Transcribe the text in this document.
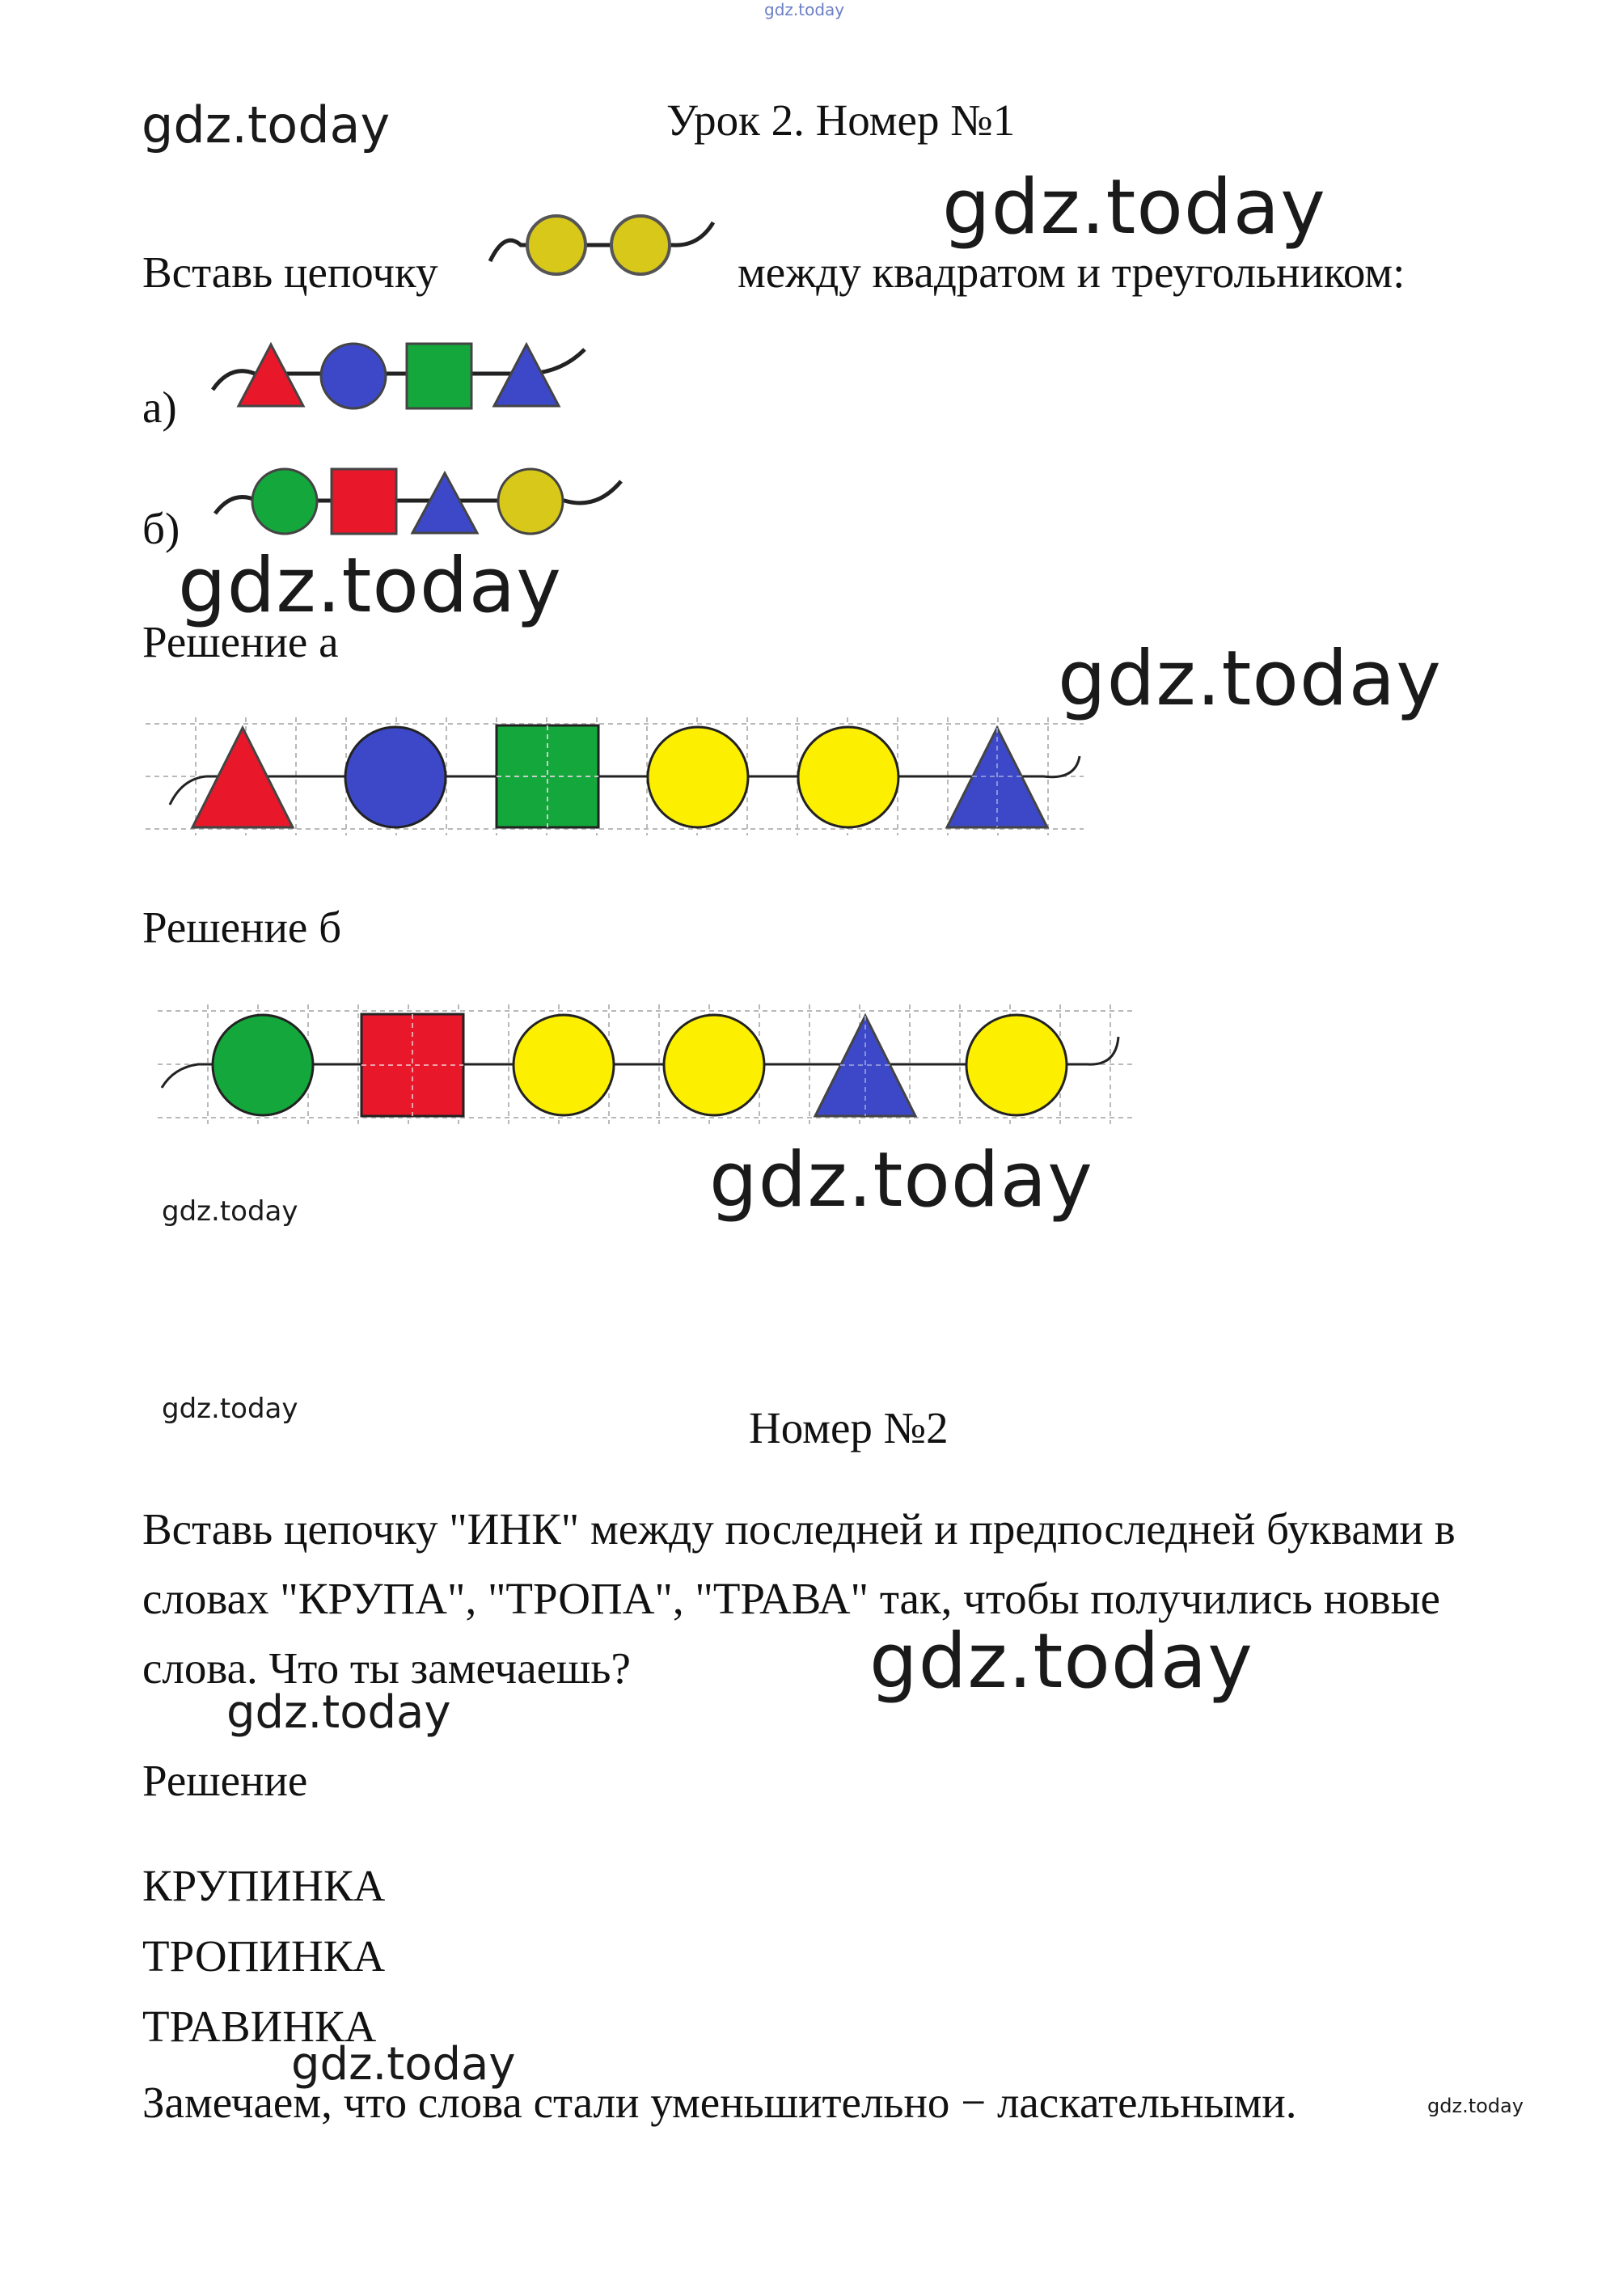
gdz.today
gdz.today	Урок 2. Номер №1
gdz.today
Вставь цепочку	между квадратом и треугольником:
а)
б)
gdz.today
Решение а	gdz.today
Решение б
gdz.today
gdz.today
gdz.today	Номер №2
Вставь цепочку "ИНК" между последней и предпоследней буквами в
словах "КРУПА", "ТРОПА", "ТРАВА" так, чтобы получились новые
слова. Что ты замечаешь?	gdz.today
gdz.today
Решение
КРУПИНКА
ТРОПИНКА
ТРАВИНКА
gdz.today
Замечаем, что слова стали уменьшительно − ласкательными.	gdz.today
